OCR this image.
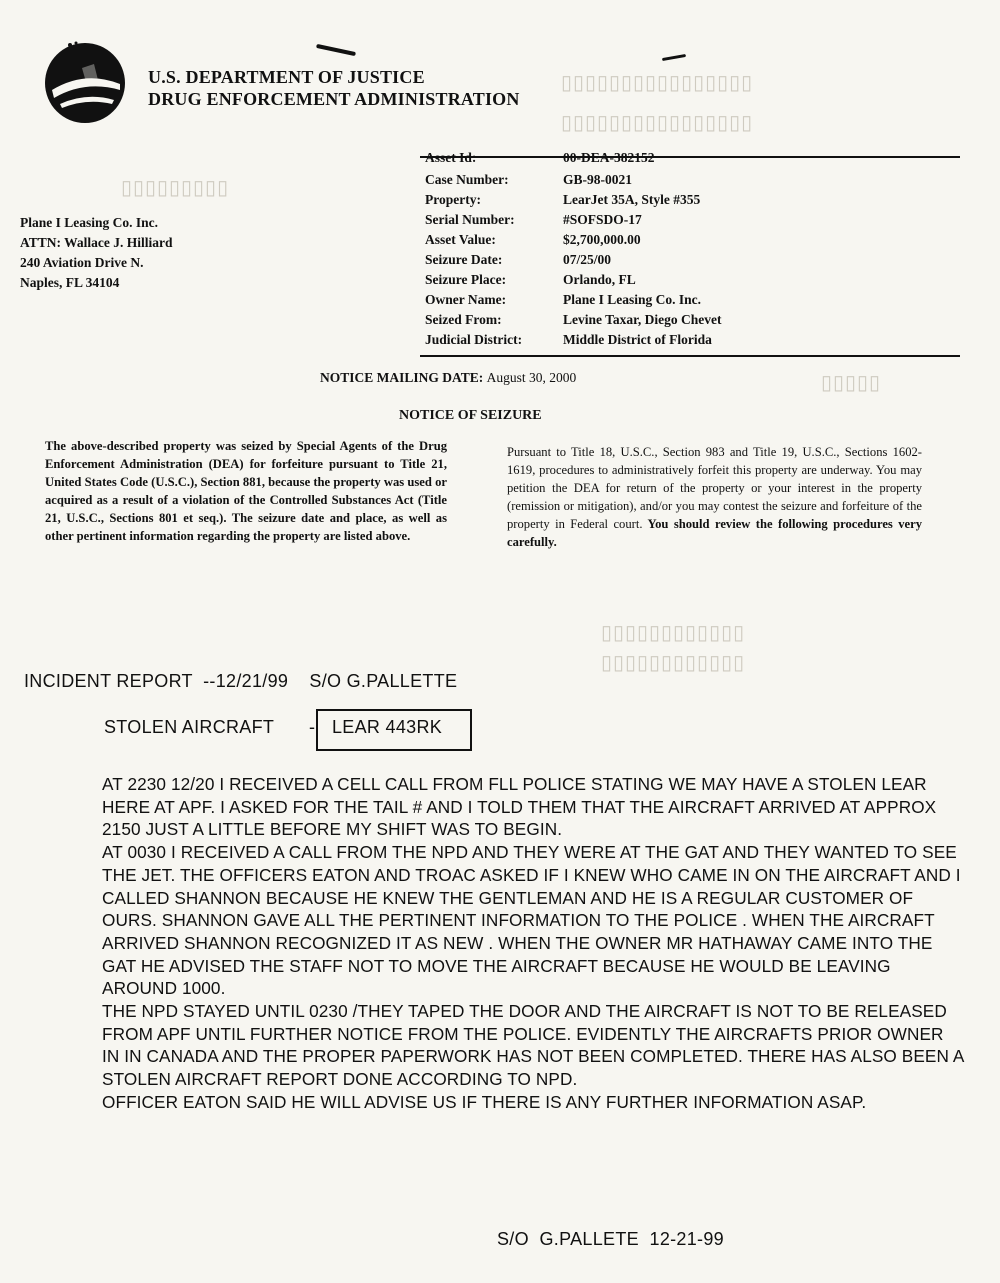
▯▯▯▯▯▯▯▯▯▯▯▯▯▯▯▯
▯▯▯▯▯▯▯▯▯▯▯▯▯▯▯▯
▯▯▯▯▯▯▯▯▯
▯▯▯▯▯
▯▯▯▯▯▯▯▯▯▯▯▯
▯▯▯▯▯▯▯▯▯▯▯▯
U.S. DEPARTMENT OF JUSTICE
DRUG ENFORCEMENT ADMINISTRATION
Plane I Leasing Co. Inc.
ATTN: Wallace J. Hilliard
240 Aviation Drive N.
Naples, FL 34104
Asset Id:	00-DEA-382152
Case Number:	GB-98-0021
Property:	LearJet 35A, Style #355
Serial Number:	#SOFSDO-17
Asset Value:	$2,700,000.00
Seizure Date:	07/25/00
Seizure Place:	Orlando, FL
Owner Name:	Plane I Leasing Co. Inc.
Seized From:	Levine Taxar, Diego Chevet
Judicial District:	Middle District of Florida
NOTICE MAILING DATE: August 30, 2000
NOTICE OF SEIZURE
The above-described property was seized by Special Agents of the Drug Enforcement Administration (DEA) for forfeiture pursuant to Title 21, United States Code (U.S.C.), Section 881, because the property was used or acquired as a result of a violation of the Controlled Substances Act (Title 21, U.S.C., Sections 801 et seq.). The seizure date and place, as well as other pertinent information regarding the property are listed above.
Pursuant to Title 18, U.S.C., Section 983 and Title 19, U.S.C., Sections 1602-1619, procedures to administratively forfeit this property are underway. You may petition the DEA for return of the property or your interest in the property (remission or mitigation), and/or you may contest the seizure and forfeiture of the property in Federal court. You should review the following procedures very carefully.
INCIDENT REPORT  --12/21/99    S/O G.PALLETTE
STOLEN AIRCRAFT - LEAR 443RK

AT 2230 12/20 I RECEIVED A CELL CALL FROM FLL POLICE STATING WE MAY HAVE A STOLEN LEAR HERE AT APF. I ASKED FOR THE TAIL # AND I TOLD THEM THAT THE AIRCRAFT ARRIVED AT APPROX 2150 JUST A LITTLE BEFORE MY SHIFT WAS TO BEGIN.

AT 0030 I RECEIVED A CALL FROM THE NPD AND THEY WERE AT THE GAT AND THEY WANTED TO SEE THE JET. THE OFFICERS EATON AND TROAC ASKED IF I KNEW WHO CAME IN ON THE AIRCRAFT AND I CALLED SHANNON BECAUSE HE KNEW THE GENTLEMAN AND HE IS A REGULAR CUSTOMER OF OURS. SHANNON GAVE ALL THE PERTINENT INFORMATION TO THE POLICE . WHEN THE AIRCRAFT ARRIVED SHANNON RECOGNIZED IT AS NEW . WHEN THE OWNER MR HATHAWAY CAME INTO THE GAT HE ADVISED THE STAFF NOT TO MOVE THE AIRCRAFT BECAUSE HE WOULD BE LEAVING AROUND 1000.

THE NPD STAYED UNTIL 0230 /THEY TAPED THE DOOR AND THE AIRCRAFT IS NOT TO BE RELEASED FROM APF UNTIL FURTHER NOTICE FROM THE POLICE. EVIDENTLY THE AIRCRAFTS PRIOR OWNER IN IN CANADA AND THE PROPER PAPERWORK HAS NOT BEEN COMPLETED. THERE HAS ALSO BEEN A STOLEN AIRCRAFT REPORT DONE ACCORDING TO NPD.

OFFICER EATON SAID HE WILL ADVISE US IF THERE IS ANY FURTHER INFORMATION ASAP.

S/O  G.PALLETE  12-21-99
